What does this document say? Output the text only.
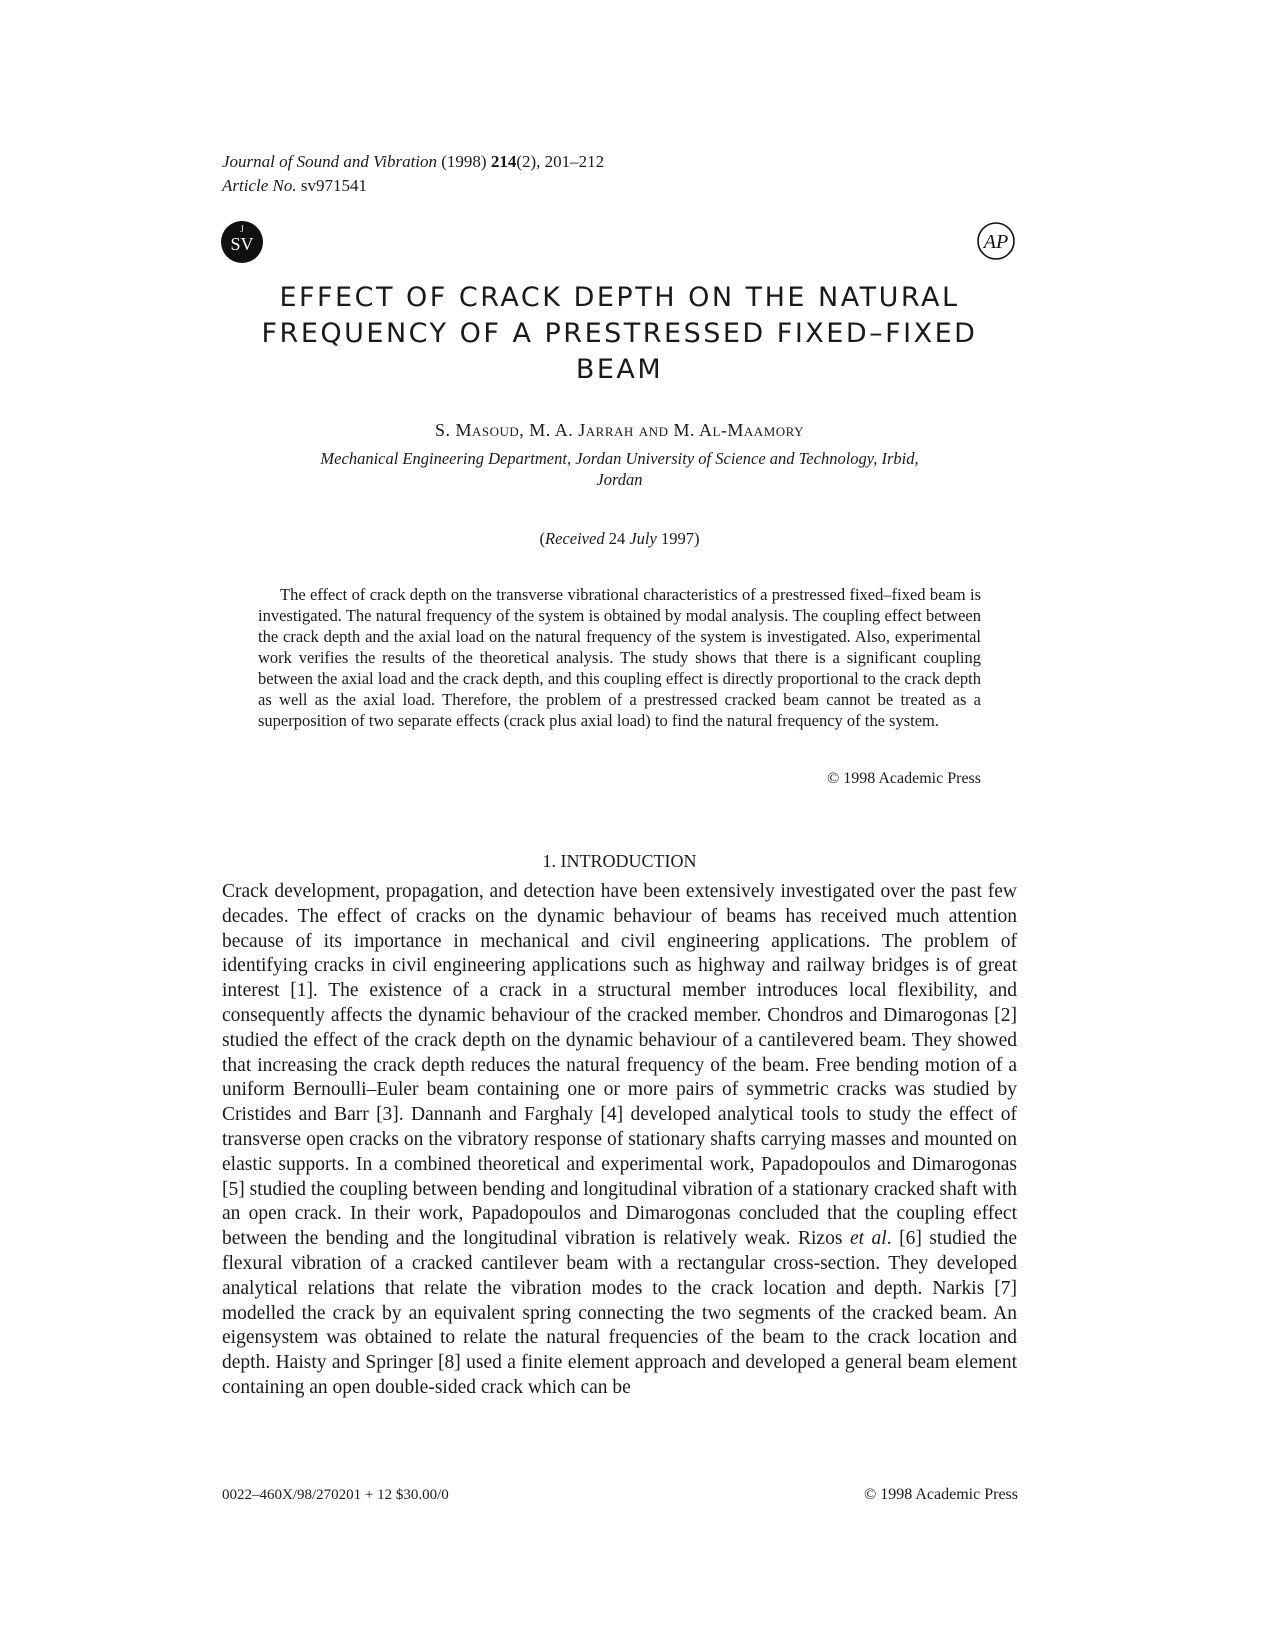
Journal of Sound and Vibration (1998) 214(2), 201–212
Article No. sv971541
J
SV	AP
EFFECT OF CRACK DEPTH ON THE NATURAL
FREQUENCY OF A PRESTRESSED FIXED–FIXED
BEAM
S. Masoud, M. A. Jarrah and M. Al-Maamory
Mechanical Engineering Department, Jordan University of Science and Technology, Irbid,
Jordan
(Received 24 July 1997)

The effect of crack depth on the transverse vibrational characteristics of a prestressed fixed–fixed beam is investigated. The natural frequency of the system is obtained by modal analysis. The coupling effect between the crack depth and the axial load on the natural frequency of the system is investigated. Also, experimental work verifies the results of the theoretical analysis. The study shows that there is a significant coupling between the axial load and the crack depth, and this coupling effect is directly proportional to the crack depth as well as the axial load. Therefore, the problem of a prestressed cracked beam cannot be treated as a superposition of two separate effects (crack plus axial load) to find the natural frequency of the system.

© 1998 Academic Press
1. INTRODUCTION

Crack development, propagation, and detection have been extensively investigated over the past few decades. The effect of cracks on the dynamic behaviour of beams has received much attention because of its importance in mechanical and civil engineering applications. The problem of identifying cracks in civil engineering applications such as highway and railway bridges is of great interest [1]. The existence of a crack in a structural member introduces local flexibility, and consequently affects the dynamic behaviour of the cracked member. Chondros and Dimarogonas [2] studied the effect of the crack depth on the dynamic behaviour of a cantilevered beam. They showed that increasing the crack depth reduces the natural frequency of the beam. Free bending motion of a uniform Bernoulli–Euler beam containing one or more pairs of symmetric cracks was studied by Cristides and Barr [3]. Dannanh and Farghaly [4] developed analytical tools to study the effect of transverse open cracks on the vibratory response of stationary shafts carrying masses and mounted on elastic supports. In a combined theoretical and experimental work, Papadopoulos and Dimarogonas [5] studied the coupling between bending and longitudinal vibration of a stationary cracked shaft with an open crack. In their work, Papadopoulos and Dimarogonas concluded that the coupling effect between the bending and the longitudinal vibration is relatively weak. Rizos et al. [6] studied the flexural vibration of a cracked cantilever beam with a rectangular cross-section. They developed analytical relations that relate the vibration modes to the crack location and depth. Narkis [7] modelled the crack by an equivalent spring connecting the two segments of the cracked beam. An eigensystem was obtained to relate the natural frequencies of the beam to the crack location and depth. Haisty and Springer [8] used a finite element approach and developed a general beam element containing an open double-sided crack which can be

0022–460X/98/270201 + 12 $30.00/0	© 1998 Academic Press
